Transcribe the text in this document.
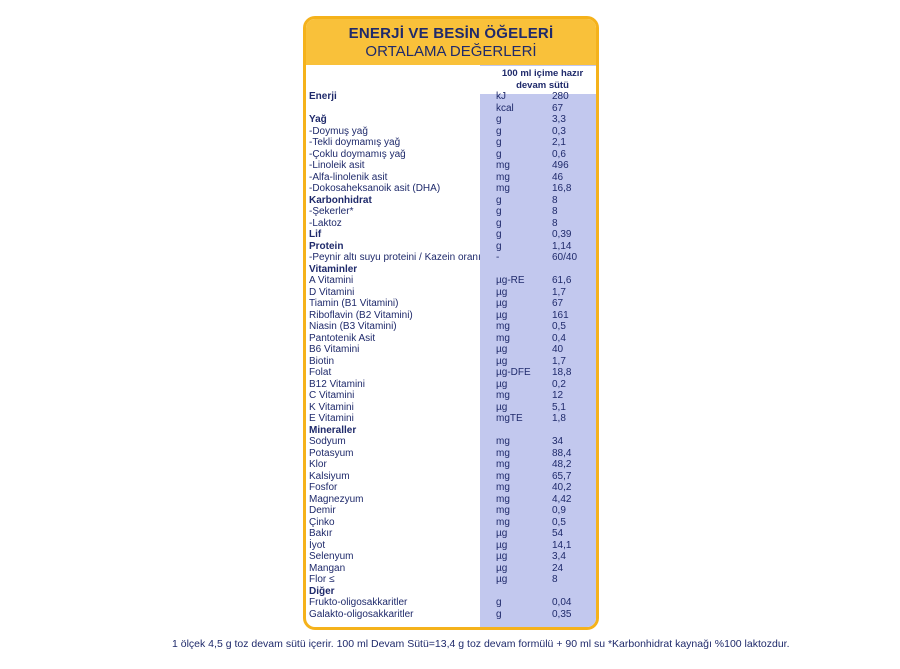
ENERJİ VE BESİN ÖĞELERİ
ORTALAMA DEĞERLERİ
100 ml içime hazır
devam sütü
Enerji	kJ	280
kcal	67
Yağ	g	3,3
-Doymuş yağ	g	0,3
-Tekli doymamış yağ	g	2,1
-Çoklu doymamış yağ	g	0,6
-Linoleik asit	mg	496
-Alfa-linolenik asit	mg	46
-Dokosaheksanoik asit (DHA)	mg	16,8
Karbonhidrat	g	8
-Şekerler*	g	8
-Laktoz	g	8
Lif	g	0,39
Protein	g	1,14
-Peynir altı suyu proteini / Kazein oranı -	60/40
Vitaminler
A Vitamini	µg-RE	61,6
D Vitamini	µg	1,7
Tiamin (B1 Vitamini)	µg	67
Riboflavin (B2 Vitamini)	µg	161
Niasin (B3 Vitamini)	mg	0,5
Pantotenik Asit	mg	0,4
B6 Vitamini	µg	40
Biotin	µg	1,7
Folat	µg-DFE 18,8
B12 Vitamini	µg	0,2
C Vitamini	mg	12
K Vitamini	µg	5,1
E Vitamini	mgTE	1,8
Mineraller
Sodyum	mg	34
Potasyum	mg	88,4
Klor	mg	48,2
Kalsiyum	mg	65,7
Fosfor	mg	40,2
Magnezyum	mg	4,42
Demir	mg	0,9
Çinko	mg	0,5
Bakır	µg	54
İyot	µg	14,1
Selenyum	µg	3,4
Mangan	µg	24
Flor ≤	µg	8
Diğer
Frukto-oligosakkaritler	g	0,04
Galakto-oligosakkaritler	g	0,35
1 ölçek 4,5 g toz devam sütü içerir. 100 ml Devam Sütü=13,4 g toz devam formülü + 90 ml su *Karbonhidrat kaynağı %100 laktozdur.
